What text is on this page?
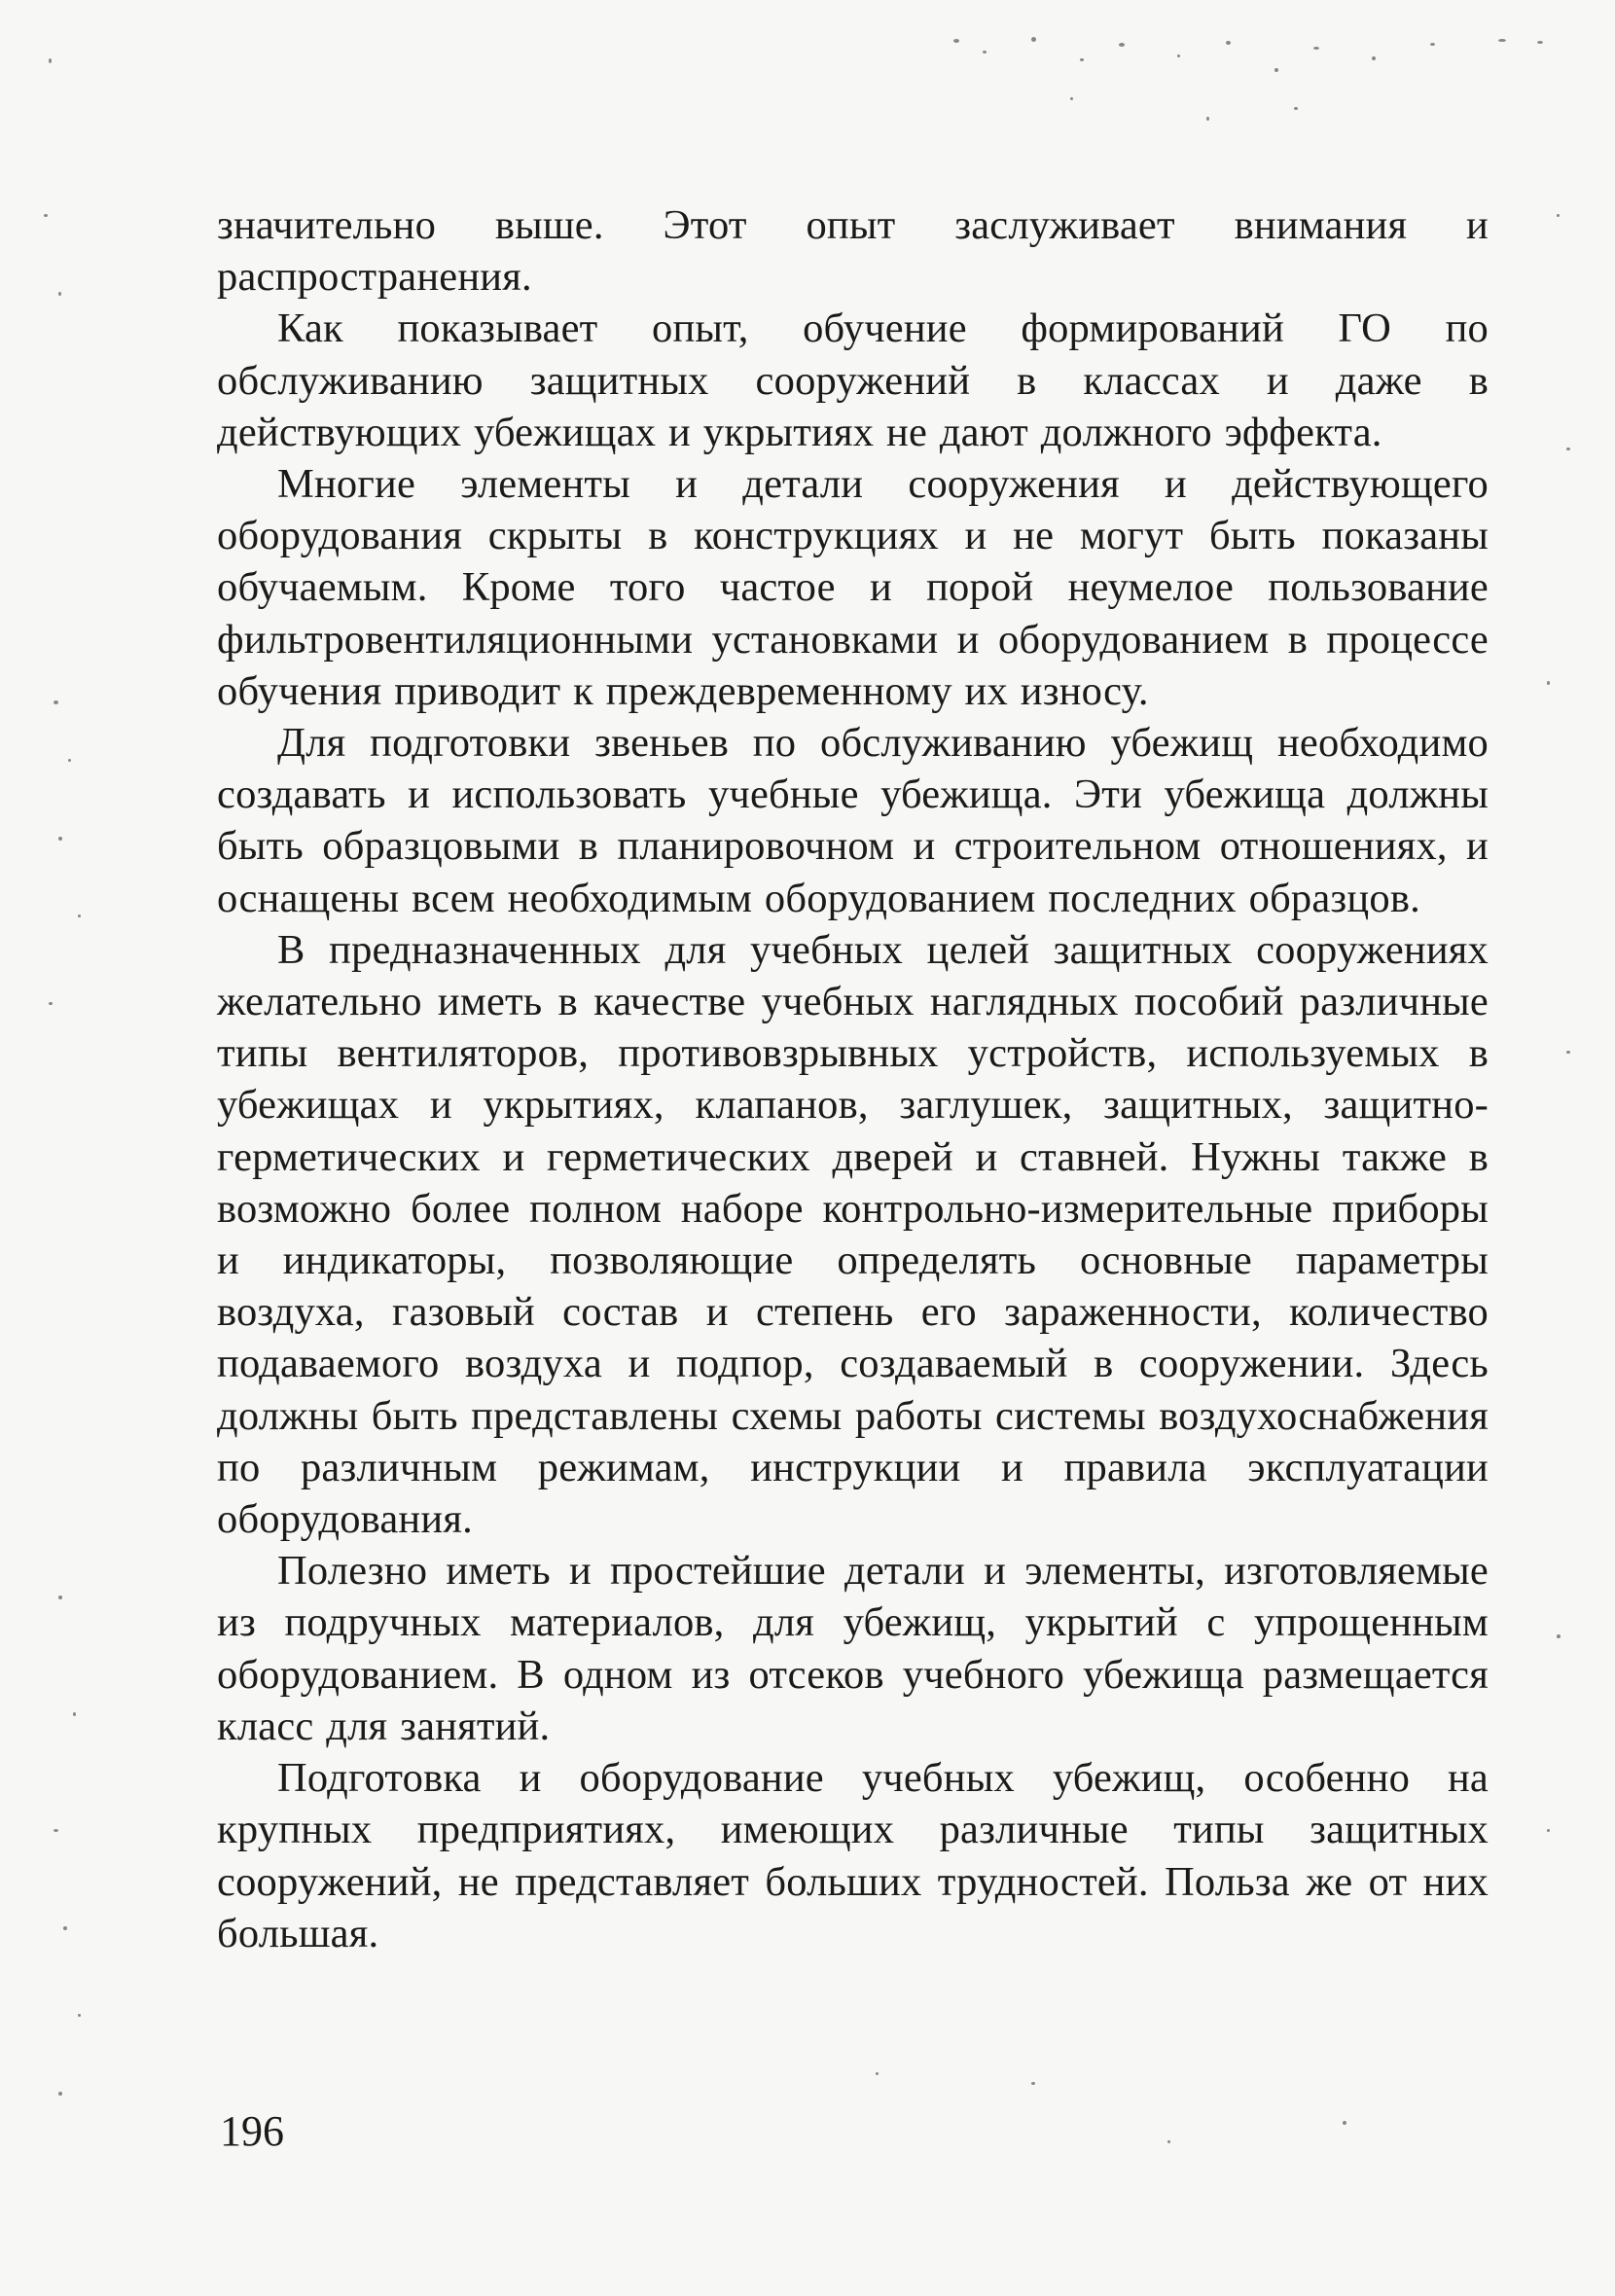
значительно выше. Этот опыт заслуживает внимания и распространения.

Как показывает опыт, обучение формирований ГО по обслуживанию защитных сооружений в классах и даже в действующих убежищах и укрытиях не дают должного эффекта.

Многие элементы и детали сооружения и действующего оборудования скрыты в конструкциях и не могут быть показаны обучаемым. Кроме того частое и порой неумелое пользование фильтровентиляционными установками и оборудованием в процессе обучения приводит к преждевременному их износу.

Для подготовки звеньев по обслуживанию убежищ необходимо создавать и использовать учебные убежища. Эти убежища должны быть образцовыми в планировочном и строительном отношениях, и оснащены всем необходимым оборудованием последних образцов.

В предназначенных для учебных целей защитных сооружениях желательно иметь в качестве учебных наглядных пособий различные типы вентиляторов, противовзрывных устройств, используемых в убежищах и укрытиях, клапанов, заглушек, защитных, защитно-герметических и герметических дверей и ставней. Нужны также в возможно более полном наборе контрольно-измерительные приборы и индикаторы, позволяющие определять основные параметры воздуха, газовый состав и степень его зараженности, количество подаваемого воздуха и подпор, создаваемый в сооружении. Здесь должны быть представлены схемы работы системы воздухоснабжения по различным режимам, инструкции и правила эксплуатации оборудования.

Полезно иметь и простейшие детали и элементы, изготовляемые из подручных материалов, для убежищ, укрытий с упрощенным оборудованием. В одном из отсеков учебного убежища размещается класс для занятий.

Подготовка и оборудование учебных убежищ, особенно на крупных предприятиях, имеющих различные типы защитных сооружений, не представляет больших трудностей. Польза же от них большая.

196
